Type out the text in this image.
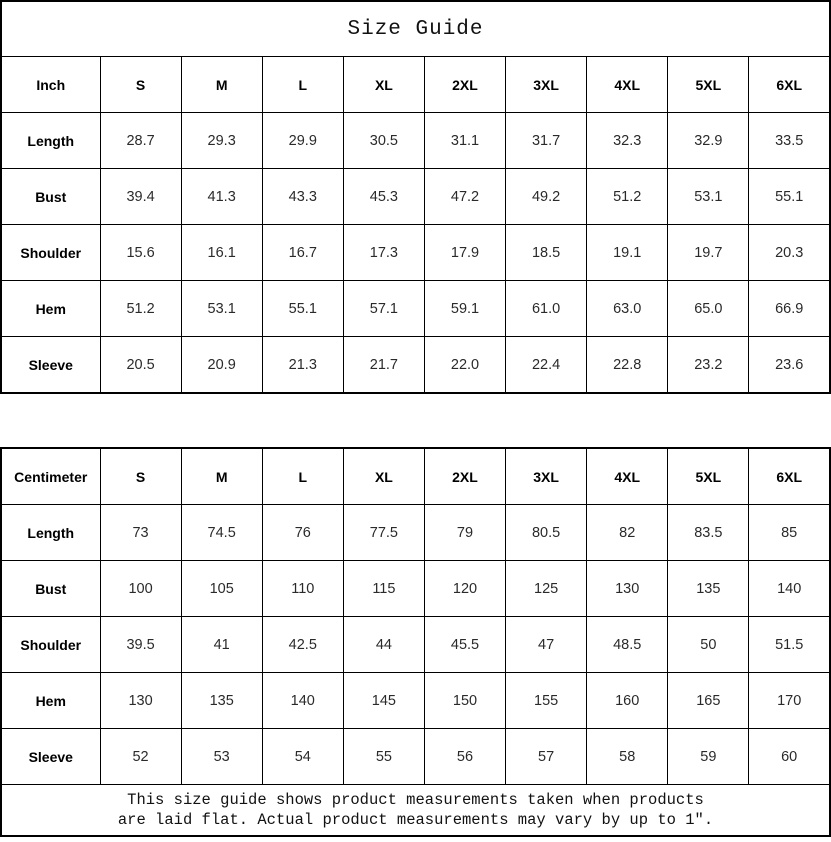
Size Guide									
Inch	S	M	L	XL	2XL	3XL	4XL	5XL	6XL
Length	28.7	29.3	29.9	30.5	31.1	31.7	32.3	32.9	33.5
Bust	39.4	41.3	43.3	45.3	47.2	49.2	51.2	53.1	55.1
Shoulder	15.6	16.1	16.7	17.3	17.9	18.5	19.1	19.7	20.3
Hem	51.2	53.1	55.1	57.1	59.1	61.0	63.0	65.0	66.9
Sleeve	20.5	20.9	21.3	21.7	22.0	22.4	22.8	23.2	23.6
Centimeter	S	M	L	XL	2XL	3XL	4XL	5XL	6XL
Length	73	74.5	76	77.5	79	80.5	82	83.5	85
Bust	100	105	110	115	120	125	130	135	140
Shoulder	39.5	41	42.5	44	45.5	47	48.5	50	51.5
Hem	130	135	140	145	150	155	160	165	170
Sleeve	52	53	54	55	56	57	58	59	60

This size guide shows product measurements taken when products
are laid flat. Actual product measurements may vary by up to 1″.									
